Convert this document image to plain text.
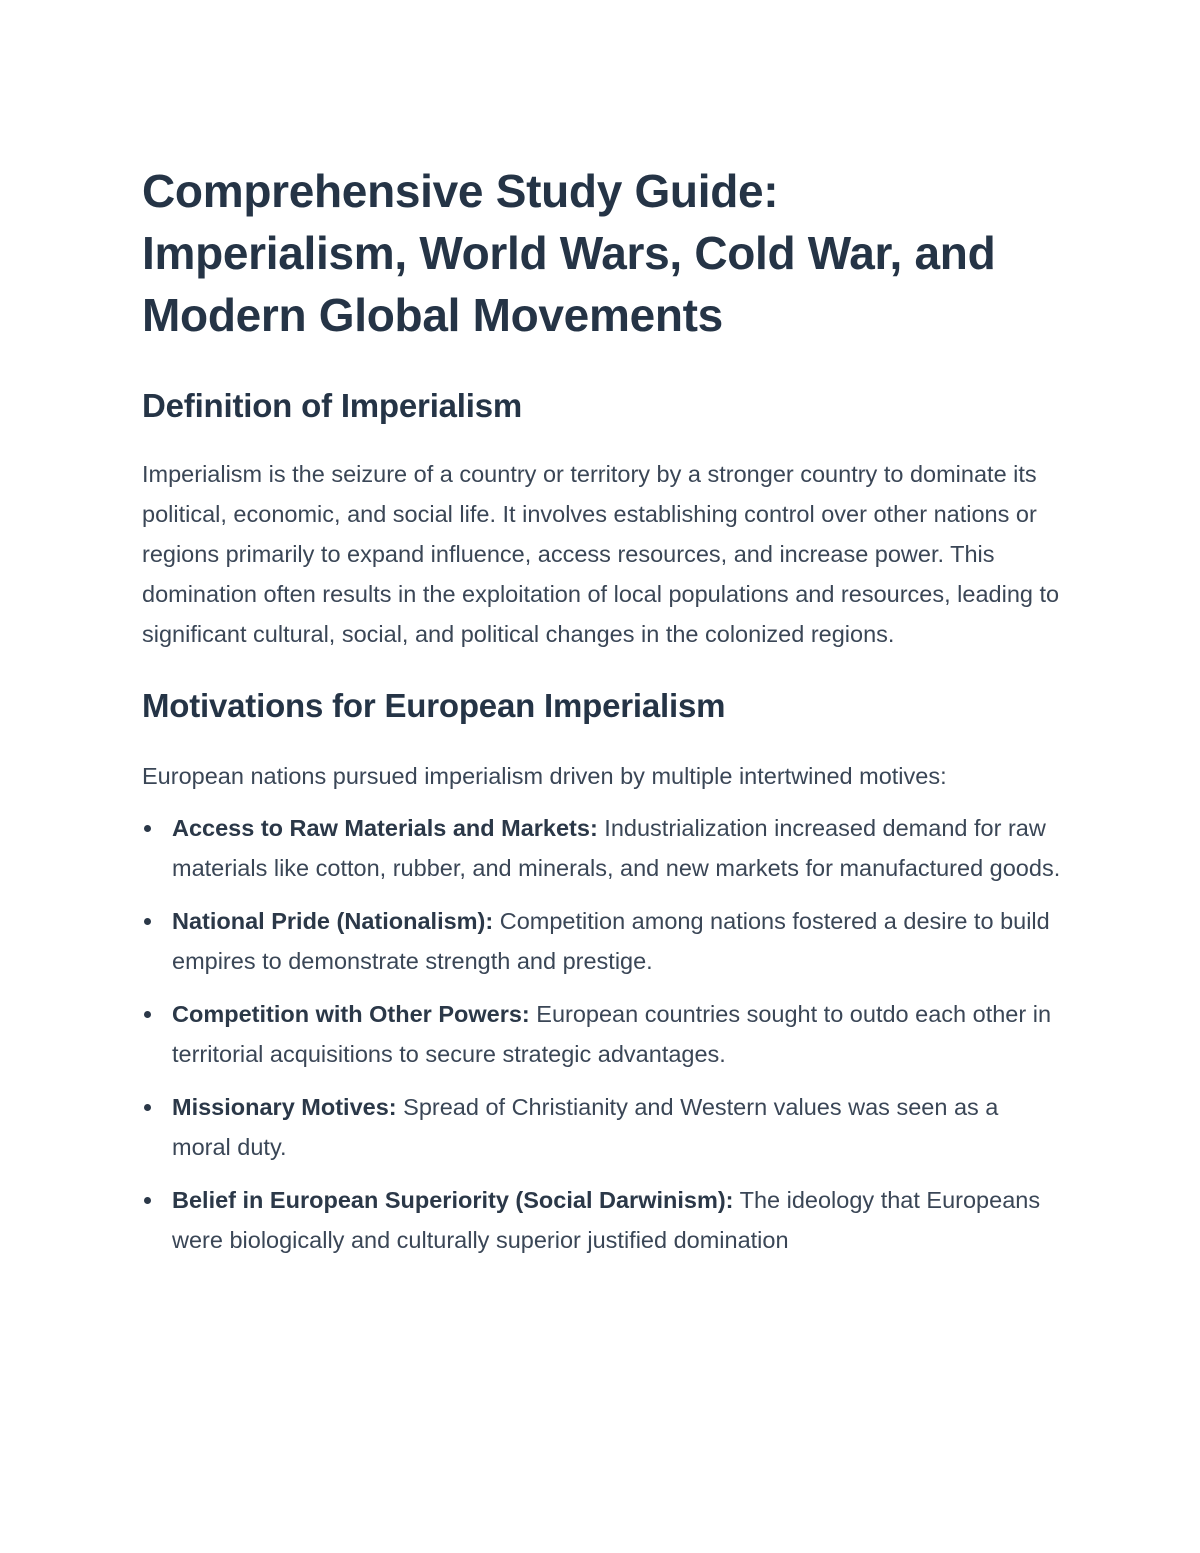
Comprehensive Study Guide:
Imperialism, World Wars, Cold War, and
Modern Global Movements
Definition of Imperialism

Imperialism is the seizure of a country or territory by a stronger country to dominate its political, economic, and social life. It involves establishing control over other nations or regions primarily to expand influence, access resources, and increase power. This domination often results in the exploitation of local populations and resources, leading to significant cultural, social, and political changes in the colonized regions.

Motivations for European Imperialism

European nations pursued imperialism driven by multiple intertwined motives:

Access to Raw Materials and Markets: Industrialization increased demand for raw materials like cotton, rubber, and minerals, and new markets for manufactured goods.
National Pride (Nationalism): Competition among nations fostered a desire to build empires to demonstrate strength and prestige.
Competition with Other Powers: European countries sought to outdo each other in territorial acquisitions to secure strategic advantages.
Missionary Motives: Spread of Christianity and Western values was seen as a moral duty.
Belief in European Superiority (Social Darwinism): The ideology that Europeans were biologically and culturally superior justified domination
